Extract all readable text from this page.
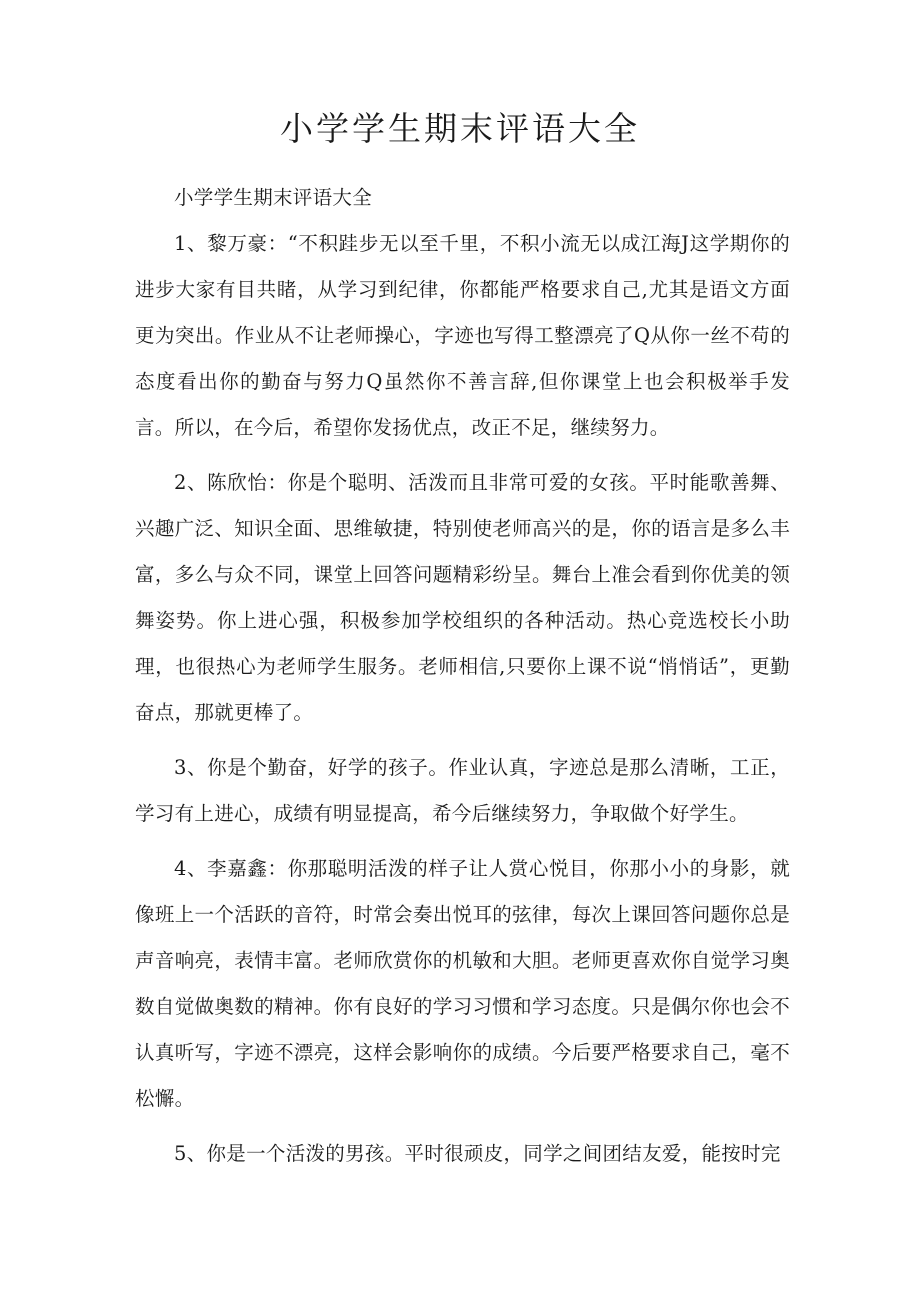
小学学生期末评语大全

小学学生期末评语大全

1、黎万豪：“不积跬步无以至千里，不积小流无以成江海J这学期你的进步大家有目共睹，从学习到纪律，你都能严格要求自己,尤其是语文方面更为突出。作业从不让老师操心，字迹也写得工整漂亮了Q从你一丝不苟的态度看出你的勤奋与努力Q虽然你不善言辞,但你课堂上也会积极举手发言。所以，在今后，希望你发扬优点，改正不足，继续努力。

2、陈欣怡：你是个聪明、活泼而且非常可爱的女孩。平时能歌善舞、兴趣广泛、知识全面、思维敏捷，特别使老师高兴的是，你的语言是多么丰富，多么与众不同，课堂上回答问题精彩纷呈。舞台上准会看到你优美的领舞姿势。你上进心强，积极参加学校组织的各种活动。热心竞选校长小助理，也很热心为老师学生服务。老师相信,只要你上课不说“悄悄话”，更勤奋点，那就更棒了。

3、你是个勤奋，好学的孩子。作业认真，字迹总是那么清晰，工正，学习有上进心，成绩有明显提高，希今后继续努力，争取做个好学生。

4、李嘉鑫：你那聪明活泼的样子让人赏心悦目，你那小小的身影，就像班上一个活跃的音符，时常会奏出悦耳的弦律，每次上课回答问题你总是声音响亮，表情丰富。老师欣赏你的机敏和大胆。老师更喜欢你自觉学习奥数自觉做奥数的精神。你有良好的学习习惯和学习态度。只是偶尔你也会不认真听写，字迹不漂亮，这样会影响你的成绩。今后要严格要求自己，毫不松懈。

5、你是一个活泼的男孩。平时很顽皮，同学之间团结友爱，能按时完
